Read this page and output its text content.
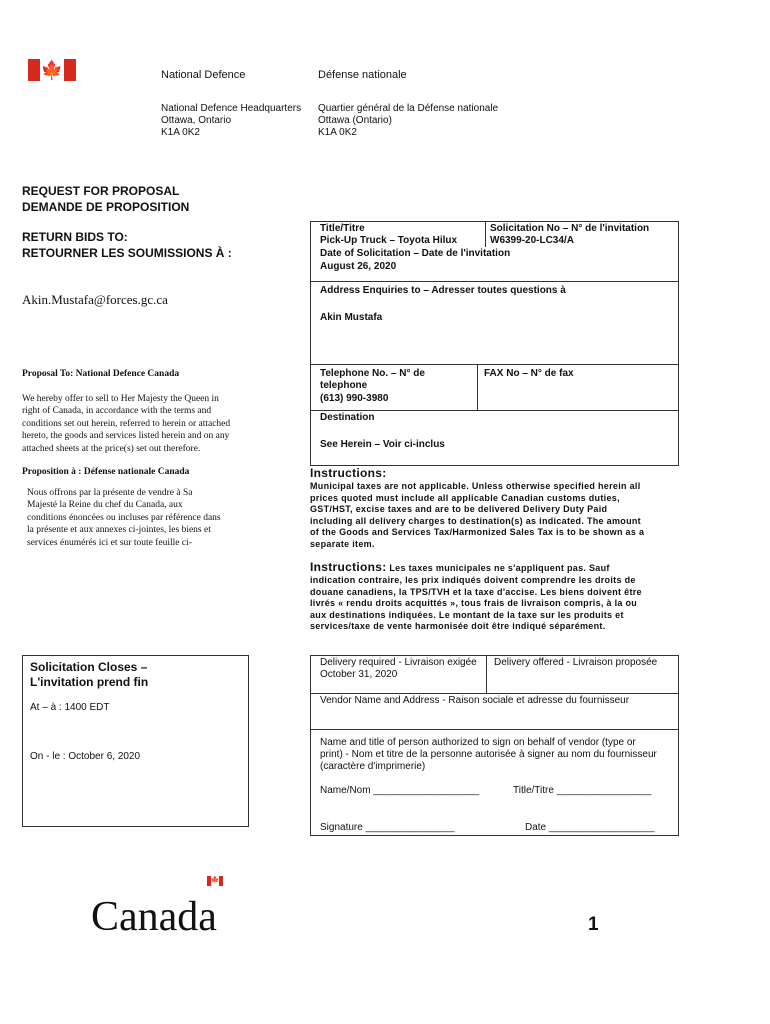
🍁	National Defence	Défense nationale
National Defence Headquarters
Ottawa, Ontario
K1A 0K2
Quartier général de la Défense nationale
Ottawa (Ontario)
K1A 0K2
REQUEST FOR PROPOSAL
DEMANDE DE PROPOSITION
RETURN BIDS TO:
RETOURNER LES SOUMISSIONS À :
Akin.Mustafa@forces.gc.ca
Proposal To: National Defence Canada
We hereby offer to sell to Her Majesty the Queen in
right of Canada, in accordance with the terms and
conditions set out herein, referred to herein or attached
hereto, the goods and services listed herein and on any
attached sheets at the price(s) set out therefore.
Proposition à : Défense nationale Canada
Nous offrons par la présente de vendre à Sa
Majesté la Reine du chef du Canada, aux
conditions énoncées ou incluses par référence dans
la présente et aux annexes ci-jointes, les biens et
services énumérés ici et sur toute feuille ci-
Title/Titre
Pick-Up Truck – Toyota Hilux
Solicitation No – N° de l'invitation
W6399-20-LC34/A
Date of Solicitation – Date de l'invitation
August 26, 2020
Address Enquiries to – Adresser toutes questions à
Akin Mustafa
Telephone No. – N° de
telephone
(613) 990-3980
FAX No – N° de fax
Destination
See Herein – Voir ci-inclus
Instructions:
Municipal taxes are not applicable. Unless otherwise specified herein all
prices quoted must include all applicable Canadian customs duties,
GST/HST, excise taxes and are to be delivered Delivery Duty Paid
including all delivery charges to destination(s) as indicated. The amount
of the Goods and Services Tax/Harmonized Sales Tax is to be shown as a
separate item.
Instructions: Les taxes municipales ne s'appliquent pas. Sauf
indication contraire, les prix indiqués doivent comprendre les droits de
douane canadiens, la TPS/TVH et la taxe d'accise. Les biens doivent être
livrés « rendu droits acquittés », tous frais de livraison compris, à la ou
aux destinations indiquées. Le montant de la taxe sur les produits et
services/taxe de vente harmonisée doit être indiqué séparément.
Solicitation Closes –
L'invitation prend fin
At – à : 1400 EDT
On - le : October 6, 2020
Delivery required - Livraison exigée
October 31, 2020
Delivery offered - Livraison proposée
Vendor Name and Address - Raison sociale et adresse du fournisseur
Name and title of person authorized to sign on behalf of vendor (type or
print) - Nom et titre de la personne autorisée à signer au nom du fournisseur
(caractère d'imprimerie)
Name/Nom ___________________	Title/Titre _________________
Signature ________________	Date ___________________
🍁
Canada	1
